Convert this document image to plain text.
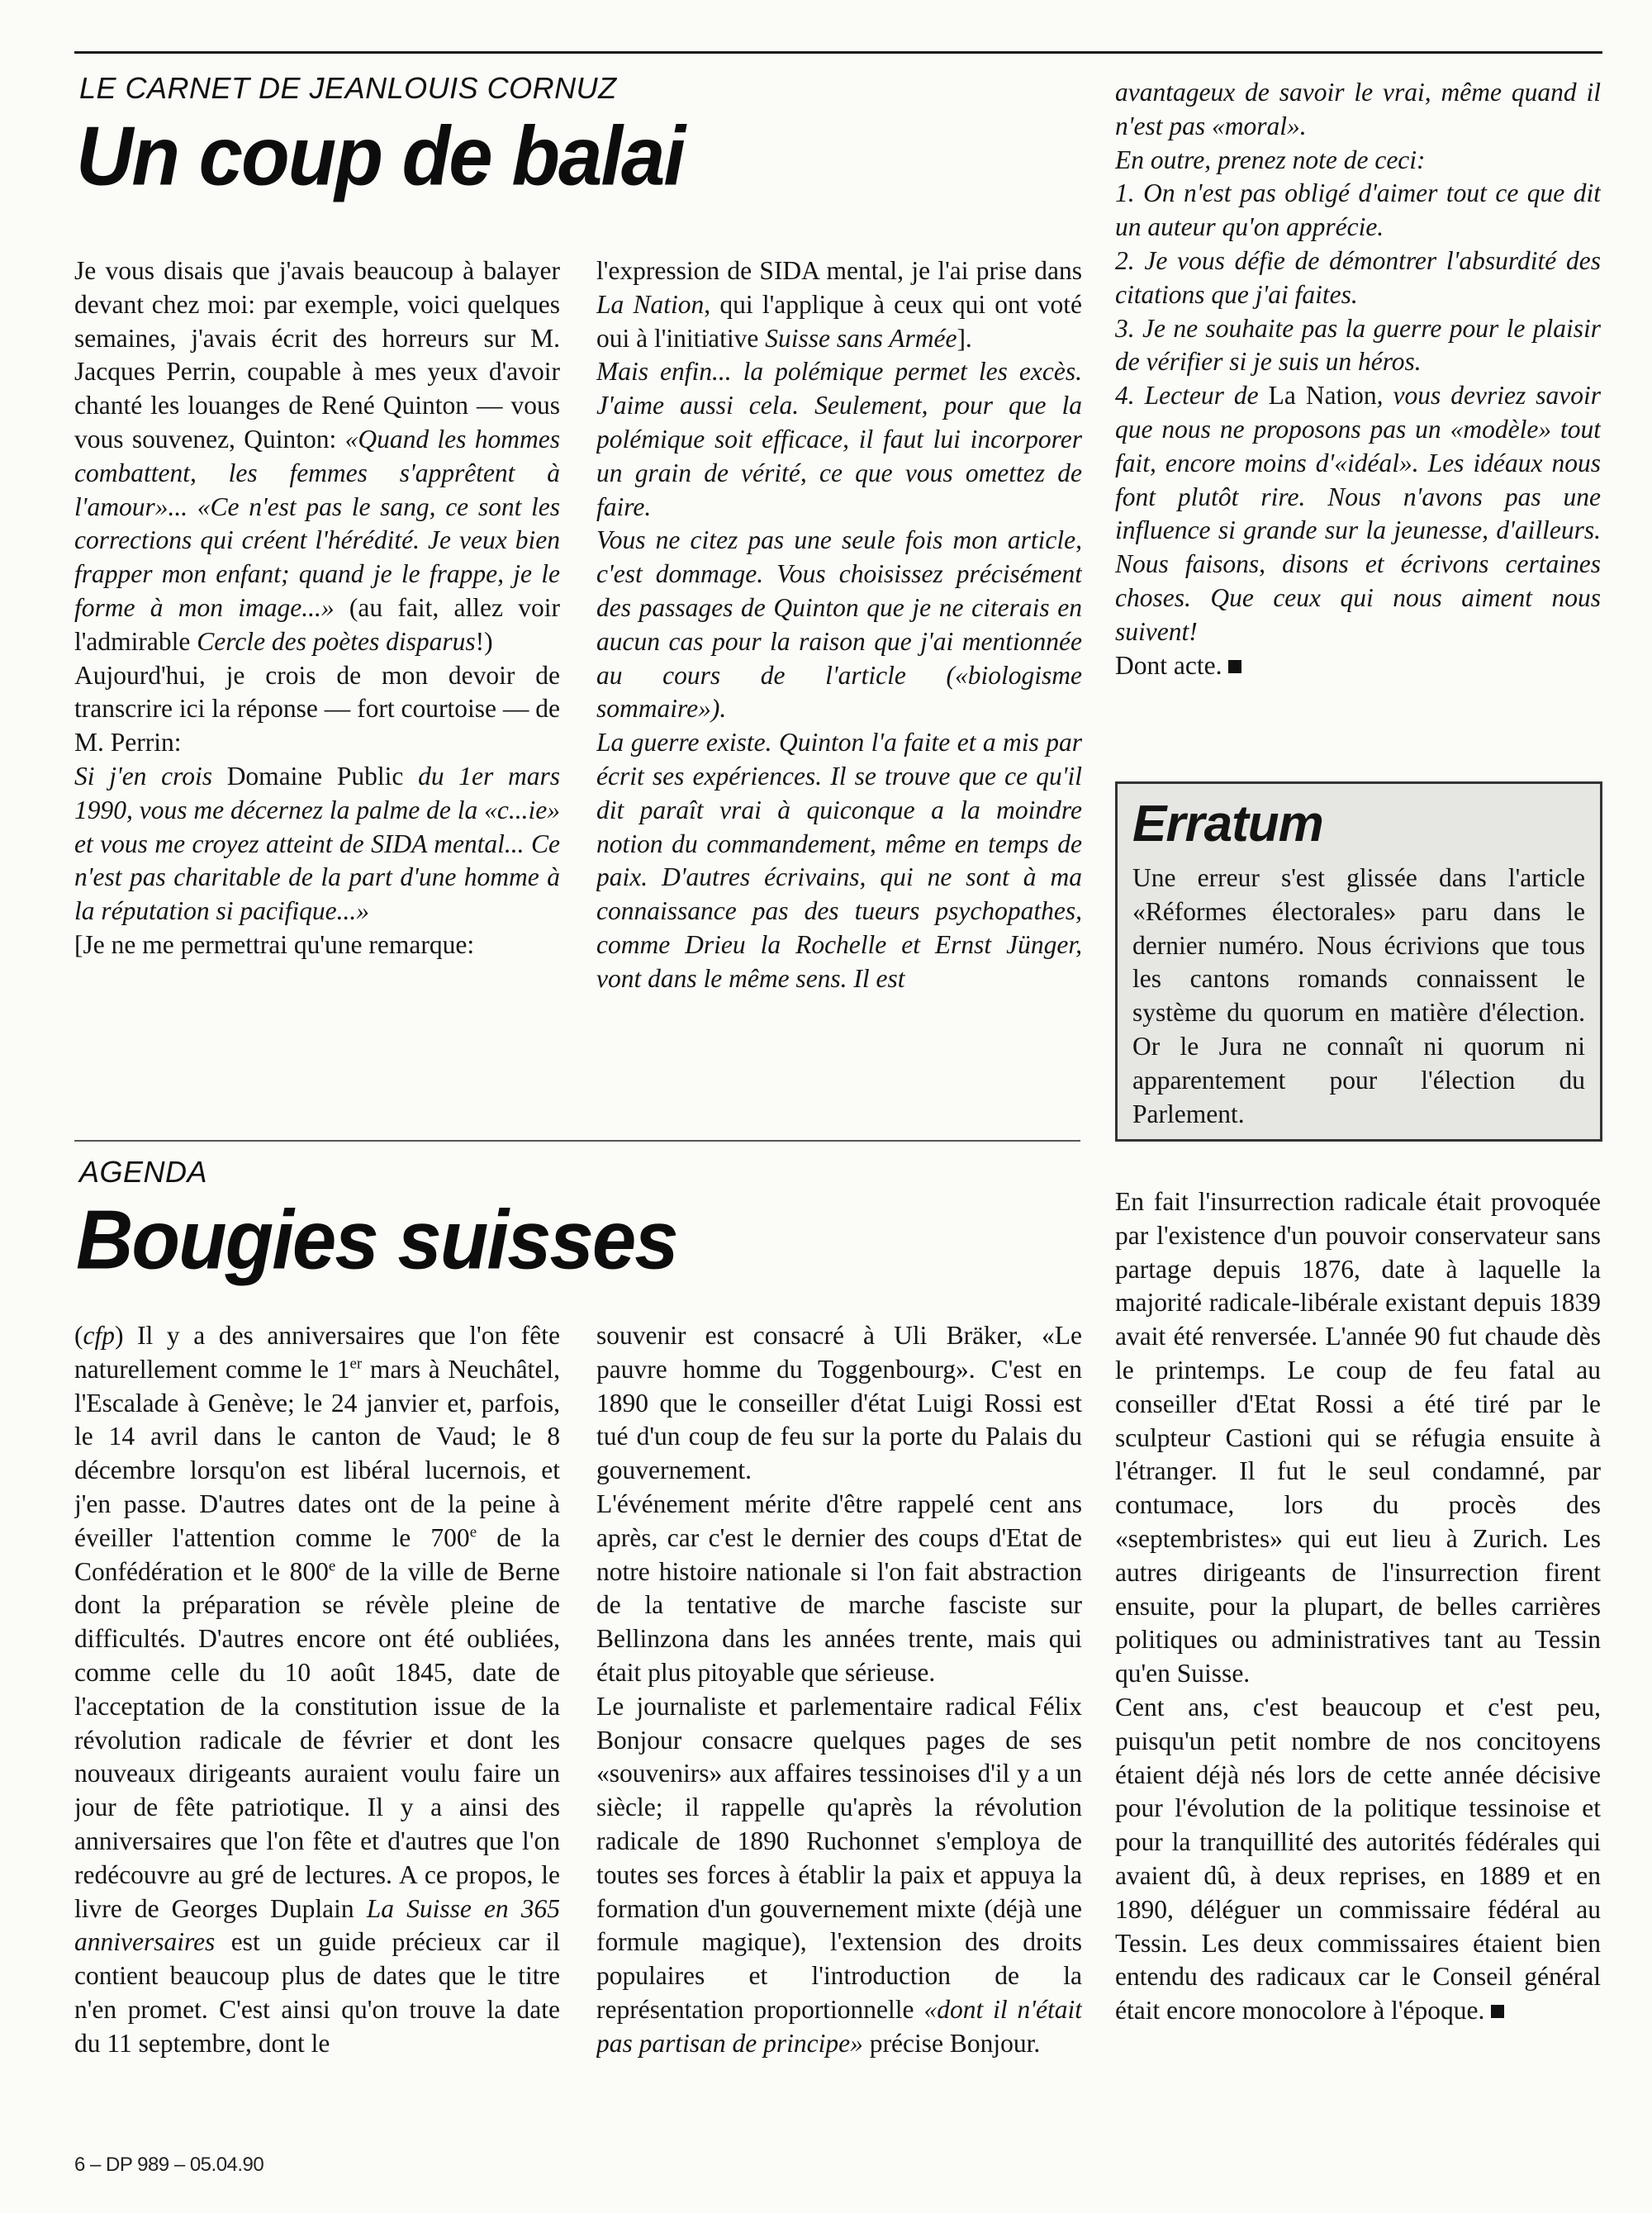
LE CARNET DE JEANLOUIS CORNUZ
Un coup de balai

Je vous disais que j'avais beaucoup à balayer devant chez moi: par exemple, voici quelques semaines, j'avais écrit des horreurs sur M. Jacques Perrin, coupable à mes yeux d'avoir chanté les louanges de René Quinton — vous vous souvenez, Quinton: «Quand les hommes combattent, les femmes s'apprêtent à l'amour»... «Ce n'est pas le sang, ce sont les corrections qui créent l'hérédité. Je veux bien frapper mon enfant; quand je le frappe, je le forme à mon image...» (au fait, allez voir l'admirable Cercle des poètes disparus!)

Aujourd'hui, je crois de mon devoir de transcrire ici la réponse — fort courtoise — de M. Perrin:

Si j'en crois Domaine Public du 1er mars 1990, vous me décernez la palme de la «c...ie» et vous me croyez atteint de SIDA mental... Ce n'est pas charitable de la part d'une homme à la réputation si pacifique...»

[Je ne me permettrai qu'une remarque:

l'expression de SIDA mental, je l'ai prise dans La Nation, qui l'applique à ceux qui ont voté oui à l'initiative Suisse sans Armée].

Mais enfin... la polémique permet les excès. J'aime aussi cela. Seulement, pour que la polémique soit efficace, il faut lui incorporer un grain de vérité, ce que vous omettez de faire.

Vous ne citez pas une seule fois mon article, c'est dommage. Vous choisissez précisément des passages de Quinton que je ne citerais en aucun cas pour la raison que j'ai mentionnée au cours de l'article («biologisme sommaire»).

La guerre existe. Quinton l'a faite et a mis par écrit ses expériences. Il se trouve que ce qu'il dit paraît vrai à quiconque a la moindre notion du commandement, même en temps de paix. D'autres écrivains, qui ne sont à ma connaissance pas des tueurs psychopathes, comme Drieu la Rochelle et Ernst Jünger, vont dans le même sens. Il est

avantageux de savoir le vrai, même quand il n'est pas «moral».

En outre, prenez note de ceci:

1. On n'est pas obligé d'aimer tout ce que dit un auteur qu'on apprécie.

2. Je vous défie de démontrer l'absurdité des citations que j'ai faites.

3. Je ne souhaite pas la guerre pour le plaisir de vérifier si je suis un héros.

4. Lecteur de La Nation, vous devriez savoir que nous ne proposons pas un «modèle» tout fait, encore moins d'«idéal». Les idéaux nous font plutôt rire. Nous n'avons pas une influence si grande sur la jeunesse, d'ailleurs. Nous faisons, disons et écrivons certaines choses. Que ceux qui nous aiment nous suivent!

Dont acte.

Erratum
Une erreur s'est glissée dans l'article «Réformes électorales» paru dans le dernier numéro. Nous écrivions que tous les cantons romands connaissent le système du quorum en matière d'élection. Or le Jura ne connaît ni quorum ni apparentement pour l'élection du Parlement.
AGENDA
Bougies suisses

(cfp) Il y a des anniversaires que l'on fête naturellement comme le 1er mars à Neuchâtel, l'Escalade à Genève; le 24 janvier et, parfois, le 14 avril dans le canton de Vaud; le 8 décembre lorsqu'on est libéral lucernois, et j'en passe. D'autres dates ont de la peine à éveiller l'attention comme le 700e de la Confédération et le 800e de la ville de Berne dont la préparation se révèle pleine de difficultés. D'autres encore ont été oubliées, comme celle du 10 août 1845, date de l'acceptation de la constitution issue de la révolution radicale de février et dont les nouveaux dirigeants auraient voulu faire un jour de fête patriotique. Il y a ainsi des anniversaires que l'on fête et d'autres que l'on redécouvre au gré de lectures. A ce propos, le livre de Georges Duplain La Suisse en 365 anniversaires est un guide précieux car il contient beaucoup plus de dates que le titre n'en promet. C'est ainsi qu'on trouve la date du 11 septembre, dont le

souvenir est consacré à Uli Bräker, «Le pauvre homme du Toggenbourg». C'est en 1890 que le conseiller d'état Luigi Rossi est tué d'un coup de feu sur la porte du Palais du gouvernement.

L'événement mérite d'être rappelé cent ans après, car c'est le dernier des coups d'Etat de notre histoire nationale si l'on fait abstraction de la tentative de marche fasciste sur Bellinzona dans les années trente, mais qui était plus pitoyable que sérieuse.

Le journaliste et parlementaire radical Félix Bonjour consacre quelques pages de ses «souvenirs» aux affaires tessinoises d'il y a un siècle; il rappelle qu'après la révolution radicale de 1890 Ruchonnet s'employa de toutes ses forces à établir la paix et appuya la formation d'un gouvernement mixte (déjà une formule magique), l'extension des droits populaires et l'introduction de la représentation proportionnelle «dont il n'était pas partisan de principe» précise Bonjour.

En fait l'insurrection radicale était provoquée par l'existence d'un pouvoir conservateur sans partage depuis 1876, date à laquelle la majorité radicale-libérale existant depuis 1839 avait été renversée. L'année 90 fut chaude dès le printemps. Le coup de feu fatal au conseiller d'Etat Rossi a été tiré par le sculpteur Castioni qui se réfugia ensuite à l'étranger. Il fut le seul condamné, par contumace, lors du procès des «septembristes» qui eut lieu à Zurich. Les autres dirigeants de l'insurrection firent ensuite, pour la plupart, de belles carrières politiques ou administratives tant au Tessin qu'en Suisse.

Cent ans, c'est beaucoup et c'est peu, puisqu'un petit nombre de nos concitoyens étaient déjà nés lors de cette année décisive pour l'évolution de la politique tessinoise et pour la tranquillité des autorités fédérales qui avaient dû, à deux reprises, en 1889 et en 1890, déléguer un commissaire fédéral au Tessin. Les deux commissaires étaient bien entendu des radicaux car le Conseil général était encore monocolore à l'époque.

6 – DP 989 – 05.04.90
